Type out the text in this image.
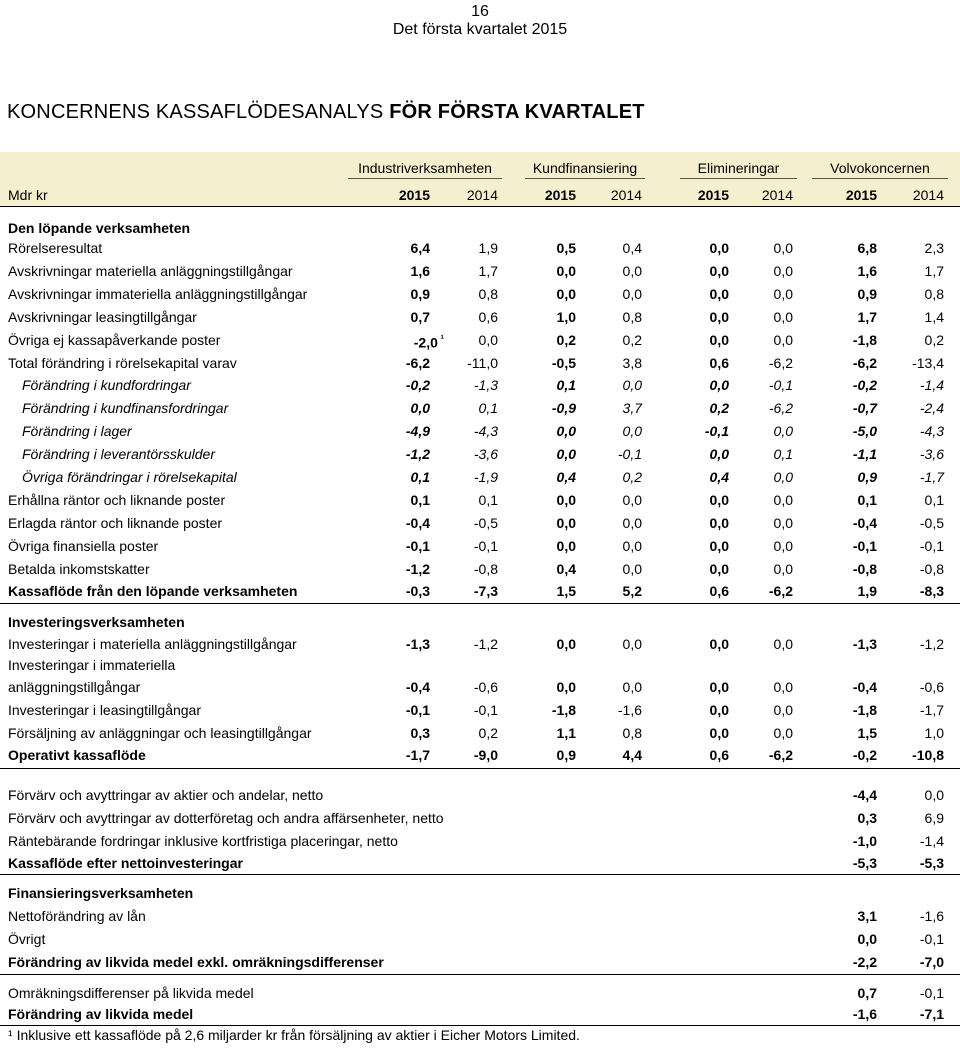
16
Det första kvartalet 2015
KONCERNENS KASSAFLÖDESANALYS FÖR FÖRSTA KVARTALET
Industriverksamheten	Kundfinansiering	Elimineringar	Volvokoncernen
Mdr kr	2015	2014	2015	2014	2015	2014	2015	2014
Den löpande verksamheten
Rörelseresultat	6,4	1,9	0,5	0,4	0,0	0,0	6,8	2,3
Avskrivningar materiella anläggningstillgångar	1,6	1,7	0,0	0,0	0,0	0,0	1,6	1,7
Avskrivningar immateriella anläggningstillgångar	0,9	0,8	0,0	0,0	0,0	0,0	0,9	0,8
Avskrivningar leasingtillgångar	0,7	0,6	1,0	0,8	0,0	0,0	1,7	1,4
Övriga ej kassapåverkande poster	-2,0 $^{^1}$	0,0	0,2	0,2	0,0	0,0	-1,8	0,2
Total förändring i rörelsekapital varav	-6,2	-11,0	-0,5	3,8	0,6	-6,2	-6,2	-13,4
Förändring i kundfordringar	-0,2	-1,3	0,1	0,0	0,0	-0,1	-0,2	-1,4
Förändring i kundfinansfordringar	0,0	0,1	-0,9	3,7	0,2	-6,2	-0,7	-2,4
Förändring i lager	-4,9	-4,3	0,0	0,0	-0,1	0,0	-5,0	-4,3
Förändring i leverantörsskulder	-1,2	-3,6	0,0	-0,1	0,0	0,1	-1,1	-3,6
Övriga förändringar i rörelsekapital	0,1	-1,9	0,4	0,2	0,4	0,0	0,9	-1,7
Erhållna räntor och liknande poster	0,1	0,1	0,0	0,0	0,0	0,0	0,1	0,1
Erlagda räntor och liknande poster	-0,4	-0,5	0,0	0,0	0,0	0,0	-0,4	-0,5
Övriga finansiella poster	-0,1	-0,1	0,0	0,0	0,0	0,0	-0,1	-0,1
Betalda inkomstskatter	-1,2	-0,8	0,4	0,0	0,0	0,0	-0,8	-0,8
Kassaflöde från den löpande verksamheten	-0,3	-7,3	1,5	5,2	0,6	-6,2	1,9	-8,3
Investeringsverksamheten
Investeringar i materiella anläggningstillgångar	-1,3	-1,2	0,0	0,0	0,0	0,0	-1,3	-1,2
Investeringar i immateriella
anläggningstillgångar	-0,4	-0,6	0,0	0,0	0,0	0,0	-0,4	-0,6
Investeringar i leasingtillgångar	-0,1	-0,1	-1,8	-1,6	0,0	0,0	-1,8	-1,7
Försäljning av anläggningar och leasingtillgångar	0,3	0,2	1,1	0,8	0,0	0,0	1,5	1,0
Operativt kassaflöde	-1,7	-9,0	0,9	4,4	0,6	-6,2	-0,2	-10,8
Förvärv och avyttringar av aktier och andelar, netto	-4,4	0,0
Förvärv och avyttringar av dotterföretag och andra affärsenheter, netto	0,3	6,9
Räntebärande fordringar inklusive kortfristiga placeringar, netto	-1,0	-1,4
Kassaflöde efter nettoinvesteringar	-5,3	-5,3
Finansieringsverksamheten
Nettoförändring av lån	3,1	-1,6
Övrigt	0,0	-0,1
Förändring av likvida medel exkl. omräkningsdifferenser	-2,2	-7,0
Omräkningsdifferenser på likvida medel	0,7	-0,1
Förändring av likvida medel	-1,6	-7,1
¹ Inklusive ett kassaflöde på 2,6 miljarder kr från försäljning av aktier i Eicher Motors Limited.
